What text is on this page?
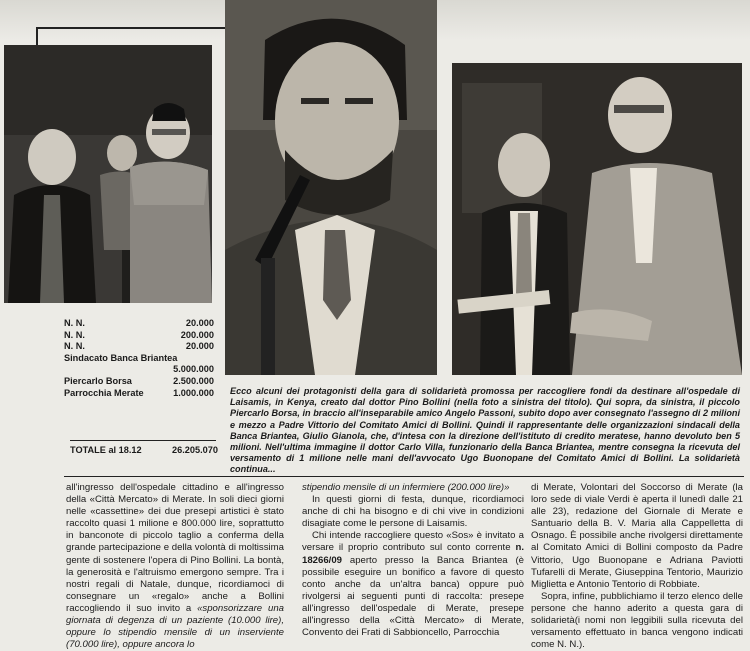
N. N.	20.000
N. N.	200.000
N. N.	20.000
Sindacato Banca Briantea
5.000.000
Piercarlo Borsa	2.500.000
Parrocchia Merate	1.000.000
TOTALE al 18.12	26.205.070

Ecco alcuni dei protagonisti della gara di solidarietà promossa per raccogliere fondi da destinare all'ospedale di Laisamis, in Kenya, creato dal dottor Pino Bollini (nella foto a sinistra del titolo). Qui sopra, da sinistra, il piccolo Piercarlo Borsa, in braccio all'inseparabile amico Angelo Passoni, subito dopo aver consegnato l'assegno di 2 milioni e mezzo a Padre Vittorio del Comitato Amici di Bollini. Quindi il rappresentante delle organizzazioni sindacali della Banca Briantea, Giulio Gianola, che, d'intesa con la direzione dell'istituto di credito meratese, hanno devoluto ben 5 milioni. Nell'ultima immagine il dottor Carlo Villa, funzionario della Banca Briantea, mentre consegna la ricevuta del versamento di 1 milione nelle mani dell'avvocato Ugo Buonopane del Comitato Amici di Bollini. La solidarietà continua...

all'ingresso dell'ospedale cittadino e all'ingresso della «Città Mercato» di Merate. In soli dieci giorni nelle «cassettine» dei due presepi artistici è stato raccolto quasi 1 milione e 800.000 lire, soprattutto in banconote di piccolo taglio a conferma della grande partecipazione e della volontà di moltissima gente di sostenere l'opera di Pino Bollini. La bontà, la generosità e l'altruismo emergono sempre. Tra i nostri regali di Natale, dunque, ricordiamoci di consegnare un «regalo» anche a Bollini raccogliendo il suo invito a «sponsorizzare una giornata di degenza di un paziente (10.000 lire), oppure lo stipendio mensile di un inserviente (70.000 lire), oppure ancora lo

stipendio mensile di un infermiere (200.000 lire)»

In questi giorni di festa, dunque, ricordiamoci anche di chi ha bisogno e di chi vive in condizioni disagiate come le persone di Laisamis.

Chi intende raccogliere questo «Sos» è invitato a versare il proprio contributo sul conto corrente n. 18266/09 aperto presso la Banca Briantea (è possibile eseguire un bonifico a favore di questo conto anche da un'altra banca) oppure può rivolgersi ai seguenti punti di raccolta: presepe all'ingresso dell'ospedale di Merate, presepe all'ingresso della «Città Mercato» di Merate, Convento dei Frati di Sabbioncello, Parrocchia

di Merate, Volontari del Soccorso di Merate (la loro sede di viale Verdi è aperta il lunedì dalle 21 alle 23), redazione del Giornale di Merate e Santuario della B. V. Maria alla Cappelletta di Osnago. È possibile anche rivolgersi direttamente al Comitato Amici di Bollini composto da Padre Vittorio, Ugo Buonopane e Adriana Paviotti Tufarelli di Merate, Giuseppina Tentorio, Maurizio Miglietta e Antonio Tentorio di Robbiate.

Sopra, infine, pubblichiamo il terzo elenco delle persone che hanno aderito a questa gara di solidarietà(i nomi non leggibili sulla ricevuta del versamento effettuato in banca vengono indicati come N. N.).
